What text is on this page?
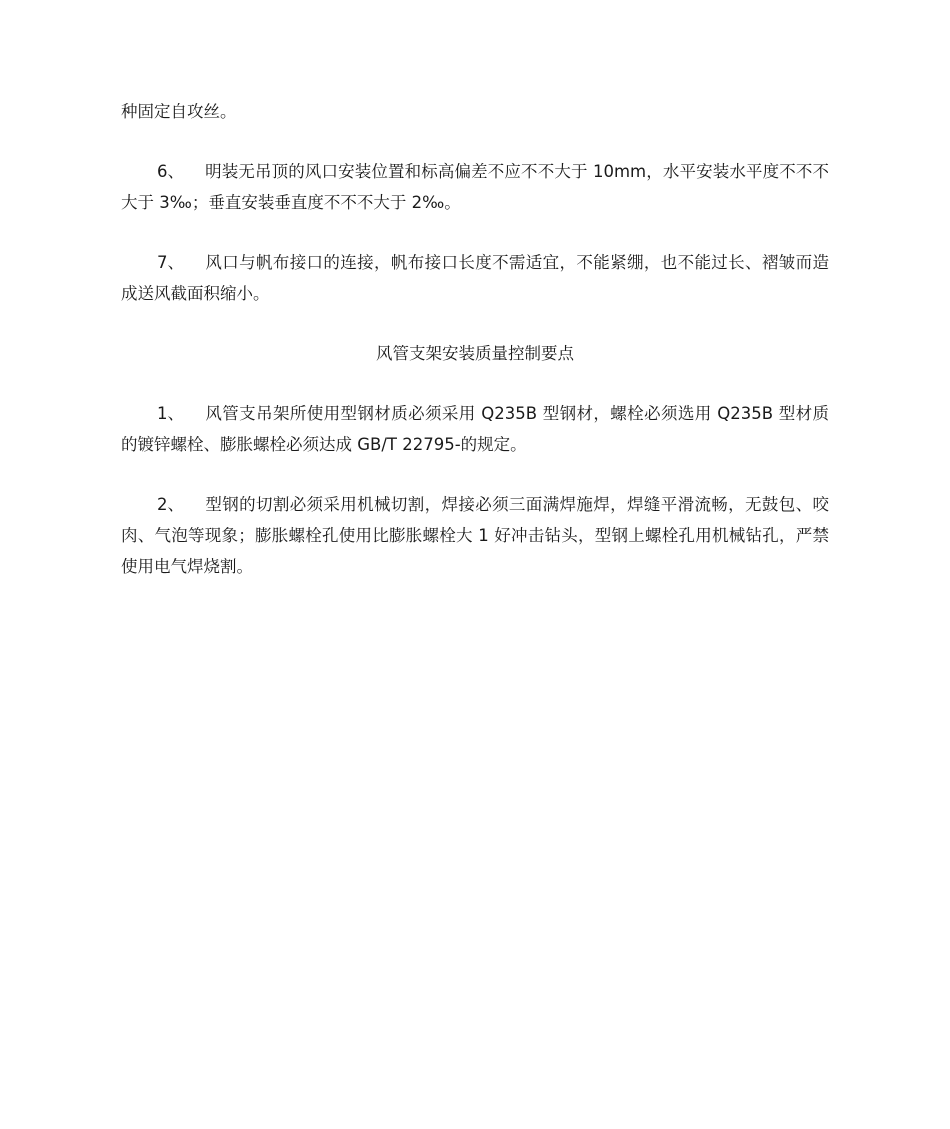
种固定自攻丝。

6、 明装无吊顶的风口安装位置和标高偏差不应不不大于 10mm，水平安装水平度不不不大于 3‰；垂直安装垂直度不不不大于 2‰。

7、 风口与帆布接口的连接，帆布接口长度不需适宜，不能紧绷，也不能过长、褶皱而造成送风截面积缩小。

风管支架安装质量控制要点

1、 风管支吊架所使用型钢材质必须采用 Q235B 型钢材，螺栓必须选用 Q235B 型材质的镀锌螺栓、膨胀螺栓必须达成 GB/T 22795-的规定。

2、 型钢的切割必须采用机械切割，焊接必须三面满焊施焊，焊缝平滑流畅，无鼓包、咬肉、气泡等现象；膨胀螺栓孔使用比膨胀螺栓大 1 好冲击钻头，型钢上螺栓孔用机械钻孔，严禁使用电气焊烧割。
